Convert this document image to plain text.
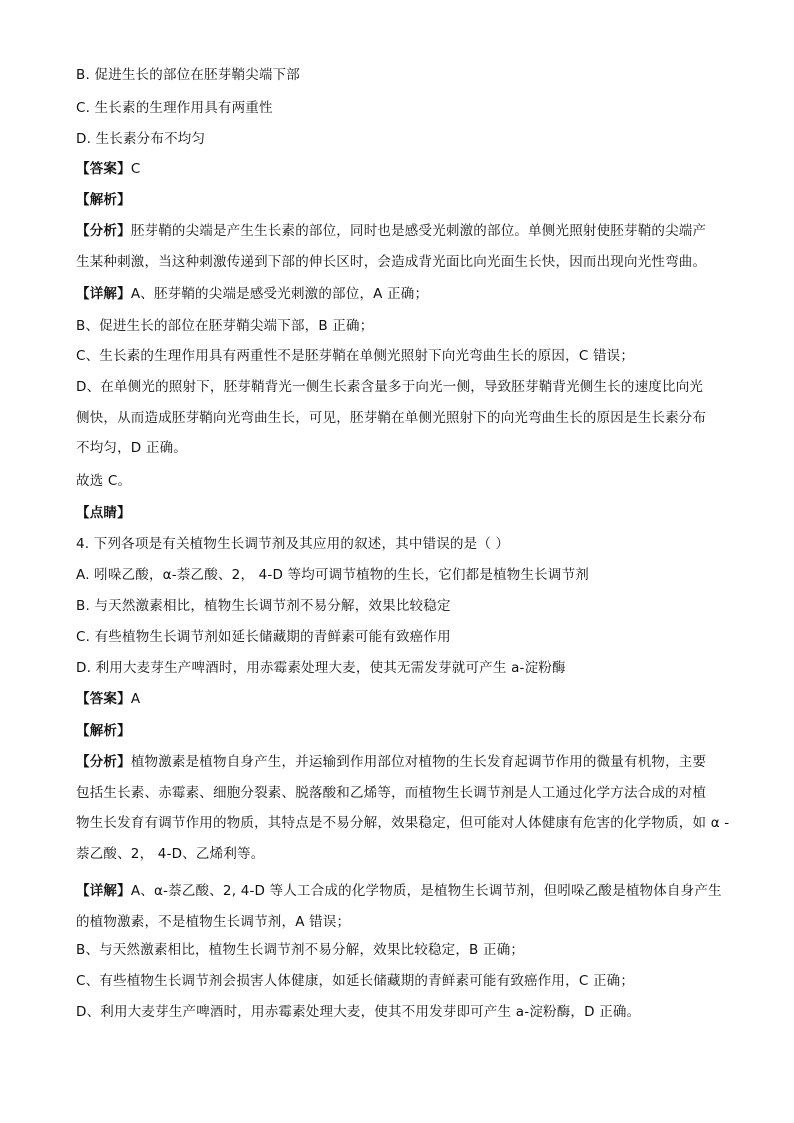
B. 促进生长的部位在胚芽鞘尖端下部
C. 生长素的生理作用具有两重性
D. 生长素分布不均匀
【答案】C
【解析】
【分析】胚芽鞘的尖端是产生生长素的部位，同时也是感受光刺激的部位。单侧光照射使胚芽鞘的尖端产
生某种刺激，当这种刺激传递到下部的伸长区时，会造成背光面比向光面生长快，因而出现向光性弯曲。
【详解】A、胚芽鞘的尖端是感受光刺激的部位，A 正确；
B、促进生长的部位在胚芽鞘尖端下部，B 正确；
C、生长素的生理作用具有两重性不是胚芽鞘在单侧光照射下向光弯曲生长的原因，C 错误；
D、在单侧光的照射下，胚芽鞘背光一侧生长素含量多于向光一侧，导致胚芽鞘背光侧生长的速度比向光
侧快，从而造成胚芽鞘向光弯曲生长，可见，胚芽鞘在单侧光照射下的向光弯曲生长的原因是生长素分布
不均匀，D 正确。
故选 C。
【点睛】
4. 下列各项是有关植物生长调节剂及其应用的叙述，其中错误的是（ ）
A. 吲哚乙酸，α-萘乙酸、2， 4-D 等均可调节植物的生长，它们都是植物生长调节剂
B. 与天然激素相比，植物生长调节剂不易分解，效果比较稳定
C. 有些植物生长调节剂如延长储藏期的青鲜素可能有致癌作用
D. 利用大麦芽生产啤酒时，用赤霉素处理大麦，使其无需发芽就可产生 a-淀粉酶
【答案】A
【解析】
【分析】植物激素是植物自身产生，并运输到作用部位对植物的生长发育起调节作用的微量有机物，主要
包括生长素、赤霉素、细胞分裂素、脱落酸和乙烯等，而植物生长调节剂是人工通过化学方法合成的对植
物生长发育有调节作用的物质，其特点是不易分解，效果稳定，但可能对人体健康有危害的化学物质，如 α -
萘乙酸、2， 4-D、乙烯利等。
【详解】A、α-萘乙酸、2, 4-D 等人工合成的化学物质，是植物生长调节剂，但吲哚乙酸是植物体自身产生
的植物激素，不是植物生长调节剂，A 错误；
B、与天然激素相比，植物生长调节剂不易分解，效果比较稳定，B 正确；
C、有些植物生长调节剂会损害人体健康，如延长储藏期的青鲜素可能有致癌作用，C 正确；
D、利用大麦芽生产啤酒时，用赤霉素处理大麦，使其不用发芽即可产生 a-淀粉酶，D 正确。
